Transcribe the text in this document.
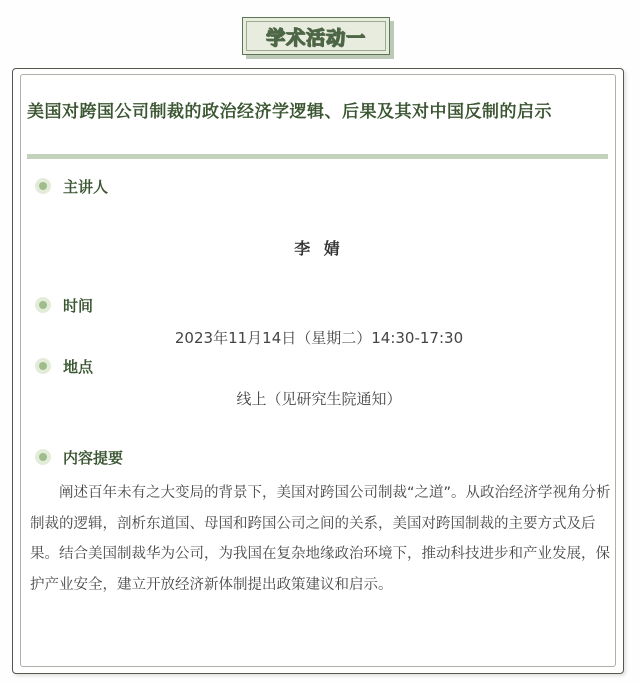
学术活动一
美国对跨国公司制裁的政治经济学逻辑、后果及其对中国反制的启示
主讲人
李 婧
时间
2023年11月14日（星期二）14:30-17:30
地点
线上（见研究生院通知）
内容提要

阐述百年未有之大变局的背景下，美国对跨国公司制裁“之道”。从政治经济学视角分析制裁的逻辑，剖析东道国、母国和跨国公司之间的关系，美国对跨国制裁的主要方式及后果。结合美国制裁华为公司，为我国在复杂地缘政治环境下，推动科技进步和产业发展，保护产业安全，建立开放经济新体制提出政策建议和启示。
